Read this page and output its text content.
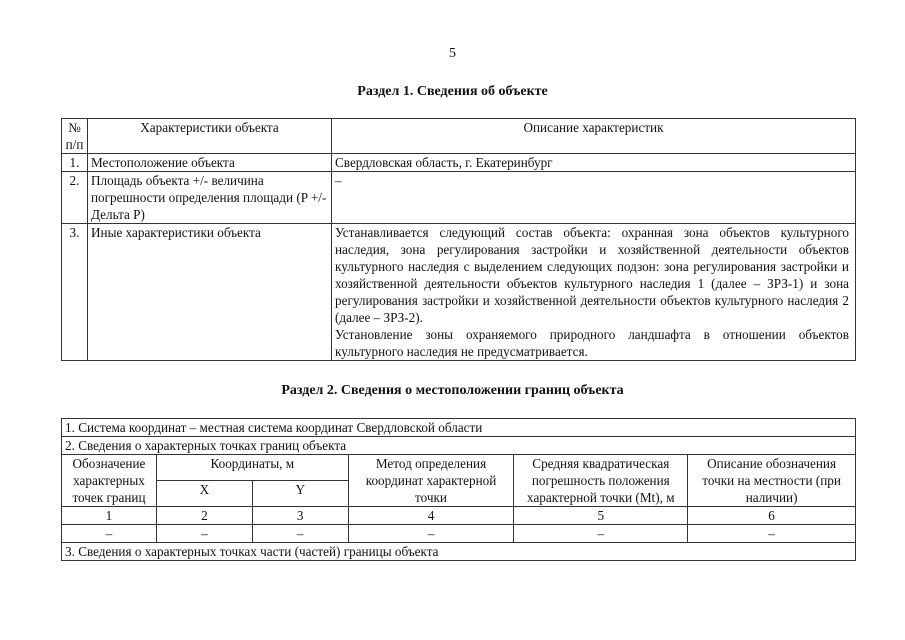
5
Раздел 1. Сведения об объекте
№ п/п	Характеристики объекта	Описание характеристик
1.	Местоположение объекта	Свердловская область, г. Екатеринбург
2.	Площадь объекта +/- величина погрешности определения площади (P +/- Дельта P)	–
3.	Иные характеристики объекта	Устанавливается следующий состав объекта: охранная зона объектов культурного наследия, зона регулирования застройки и хозяйственной деятельности объектов культурного наследия с выделением следующих подзон: зона регулирования застройки и хозяйственной деятельности объектов культурного наследия 1 (далее – ЗРЗ-1) и зона регулирования застройки и хозяйственной деятельности объектов культурного наследия 2 (далее – ЗРЗ-2).
Установление зоны охраняемого природного ландшафта в отношении объектов культурного наследия не предусматривается.
Раздел 2. Сведения о местоположении границ объекта
1. Система координат – местная система координат Свердловской области					
2. Сведения о характерных точках границ объекта					
Обозначение характерных точек границ	Координаты, м		Метод определения координат характерной точки	Средняя квадратическая погрешность положения характерной точки (Mt), м	Описание обозначения точки на местности (при наличии)
	X	Y			
1	2	3	4	5	6
–	–	–	–	–	–
3. Сведения о характерных точках части (частей) границы объекта					
